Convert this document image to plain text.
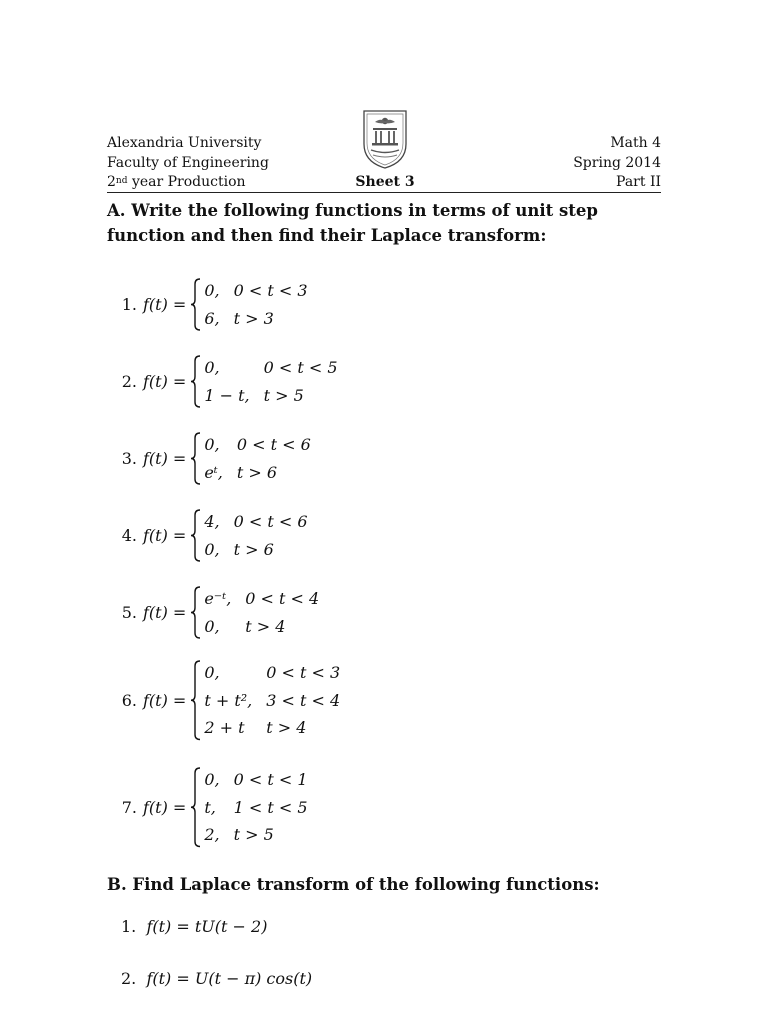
Alexandria University
Faculty of Engineering
2nd year Production	Sheet 3
Math 4
Spring 2014
Part II
A. Write the following functions in terms of unit step function and then find their Laplace transform:
1. f(t) =
0, 0 < t < 3
6, t > 3
2. f(t) =
0,	0 < t < 5
1 − t, t > 5
3. f(t) =
0, 0 < t < 6
eᵗ, t > 6
4. f(t) =
4, 0 < t < 6
0, t > 6
5. f(t) =
e⁻ᵗ, 0 < t < 4
0,	t > 4
6. f(t) =
0,	0 < t < 3
t + t², 3 < t < 4
2 + t	t > 4
7. f(t) =
0, 0 < t < 1
t, 1 < t < 5
2, t > 5
B. Find Laplace transform of the following functions:
1. f(t) = tU(t − 2)
2. f(t) = U(t − π) cos(t)
